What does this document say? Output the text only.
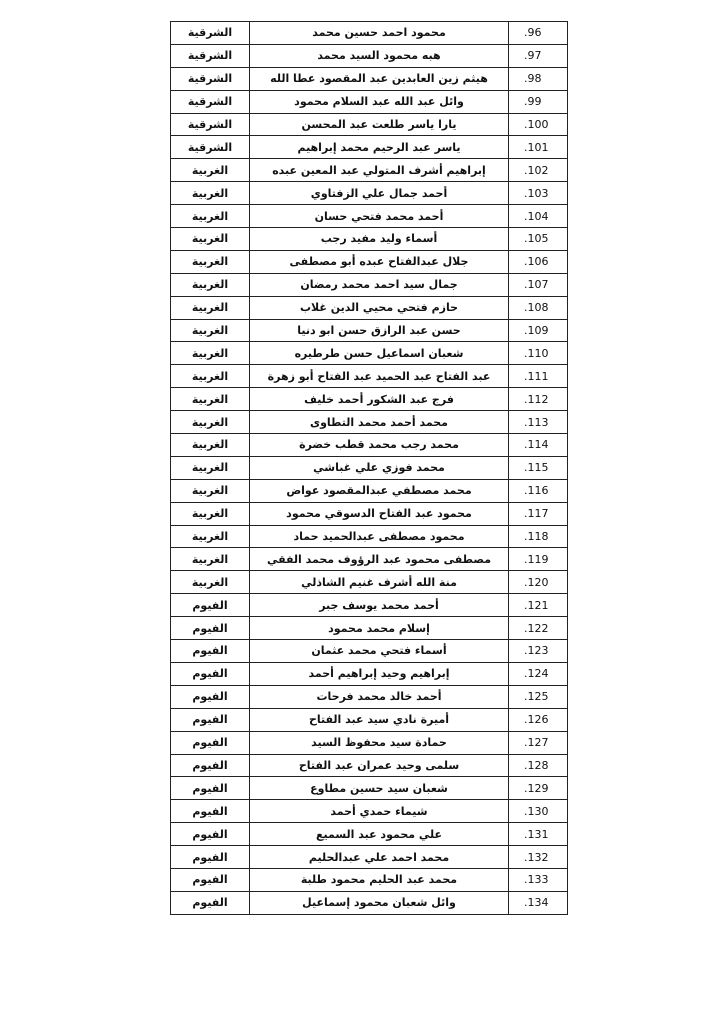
الشرقية	محمود احمد حسين محمد	.96
الشرقية	هبه محمود السيد محمد	.97
الشرقية	هيثم زين العابدين عبد المقصود عطا الله	.98
الشرقية	وائل عبد الله عبد السلام محمود	.99
الشرقية	يارا ياسر طلعت عبد المحسن	.100
الشرقية	ياسر عبد الرحيم محمد إبراهيم	.101
الغربية	إبراهيم أشرف المتولي عبد المعين عبده	.102
الغربية	أحمد جمال علي الزفتاوي	.103
الغربية	أحمد محمد فتحي حسان	.104
الغربية	أسماء وليد مفيد رجب	.105
الغربية	جلال عبدالفتاح عبده أبو مصطفى	.106
الغربية	جمال سيد احمد محمد رمضان	.107
الغربية	حازم فتحي محيي الدين غلاب	.108
الغربية	حسن عبد الرازق حسن ابو دنيا	.109
الغربية	شعبان اسماعيل حسن طرطيره	.110
الغربية	عبد الفتاح عبد الحميد عبد الفتاح أبو زهرة	.111
الغربية	فرج عبد الشكور أحمد خليف	.112
الغربية	محمد أحمد محمد التطاوى	.113
الغربية	محمد رجب محمد قطب خضرة	.114
الغربية	محمد فوزي علي غباشي	.115
الغربية	محمد مصطفي عبدالمقصود عواض	.116
الغربية	محمود عبد الفتاح الدسوقي محمود	.117
الغربية	محمود مصطفى عبدالحميد حماد	.118
الغربية	مصطفى محمود عبد الرؤوف محمد الفقي	.119
الغربية	منة الله أشرف غنيم الشاذلي	.120
الفيوم	أحمد محمد يوسف جبر	.121
الفيوم	إسلام محمد محمود	.122
الفيوم	أسماء فتحي محمد عثمان	.123
الفيوم	إبراهيم وحيد إبراهيم أحمد	.124
الفيوم	أحمد خالد محمد فرحات	.125
الفيوم	أميرة نادي سيد عبد الفتاح	.126
الفيوم	حمادة سيد محفوظ السيد	.127
الفيوم	سلمى وحيد عمران عبد الفتاح	.128
الفيوم	شعبان سيد حسين مطاوع	.129
الفيوم	شيماء حمدي أحمد	.130
الفيوم	علي محمود عبد السميع	.131
الفيوم	محمد احمد علي عبدالحليم	.132
الفيوم	محمد عبد الحليم محمود طلبة	.133
الفيوم	وائل شعبان محمود إسماعيل	.134
